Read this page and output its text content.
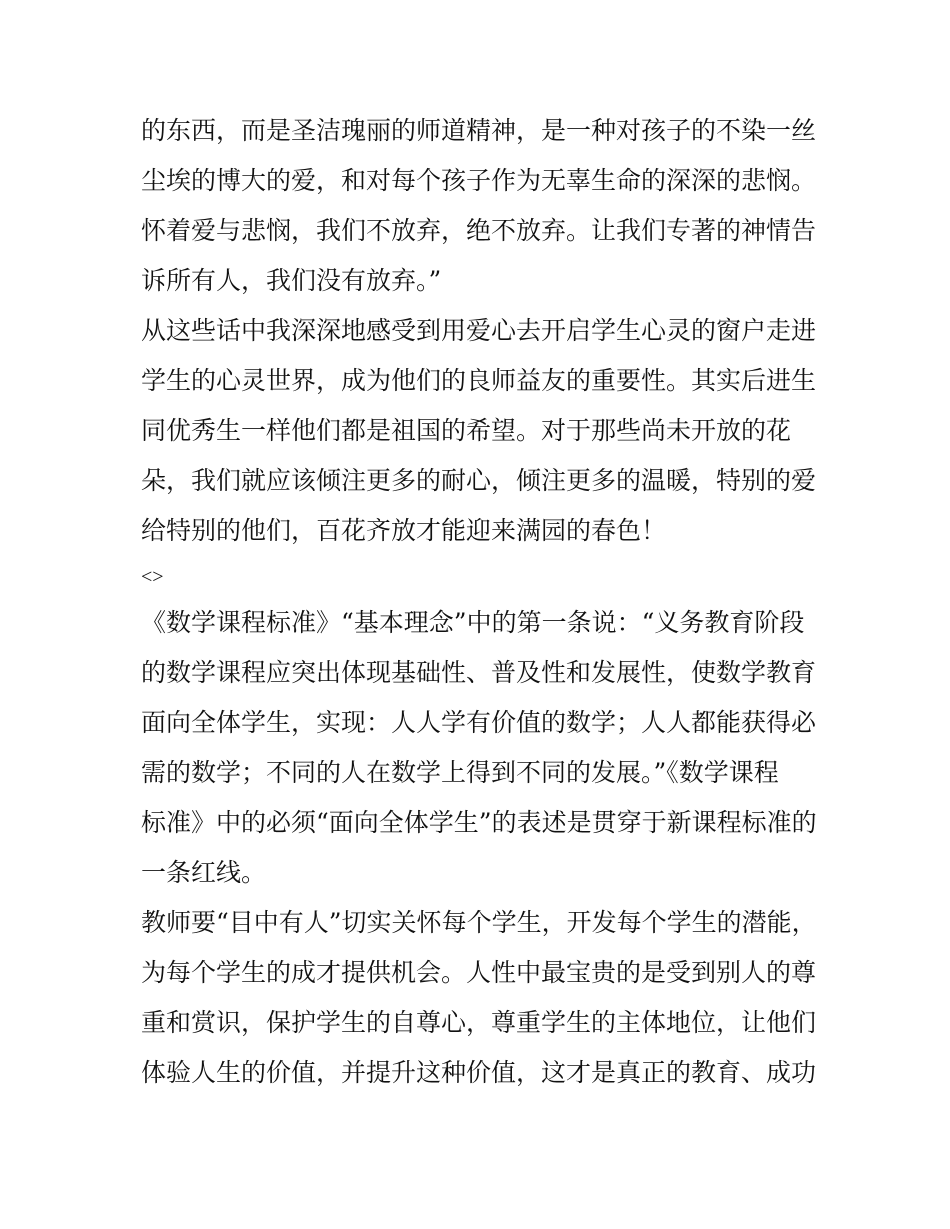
的东西，而是圣洁瑰丽的师道精神，是一种对孩子的不染一丝
尘埃的博大的爱，和对每个孩子作为无辜生命的深深的悲悯。
怀着爱与悲悯，我们不放弃，绝不放弃。让我们专著的神情告
诉所有人，我们没有放弃。”
从这些话中我深深地感受到用爱心去开启学生心灵的窗户走进
学生的心灵世界，成为他们的良师益友的重要性。其实后进生
同优秀生一样他们都是祖国的希望。对于那些尚未开放的花
朵，我们就应该倾注更多的耐心，倾注更多的温暖，特别的爱
给特别的他们，百花齐放才能迎来满园的春色！
<>
《数学课程标准》“基本理念”中的第一条说：“义务教育阶段
的数学课程应突出体现基础性、普及性和发展性，使数学教育
面向全体学生，实现：人人学有价值的数学；人人都能获得必
需的数学；不同的人在数学上得到不同的发展。”《数学课程
标准》中的必须“面向全体学生”的表述是贯穿于新课程标准的
一条红线。
教师要“目中有人”切实关怀每个学生，开发每个学生的潜能，
为每个学生的成才提供机会。人性中最宝贵的是受到别人的尊
重和赏识，保护学生的自尊心，尊重学生的主体地位，让他们
体验人生的价值，并提升这种价值，这才是真正的教育、成功
